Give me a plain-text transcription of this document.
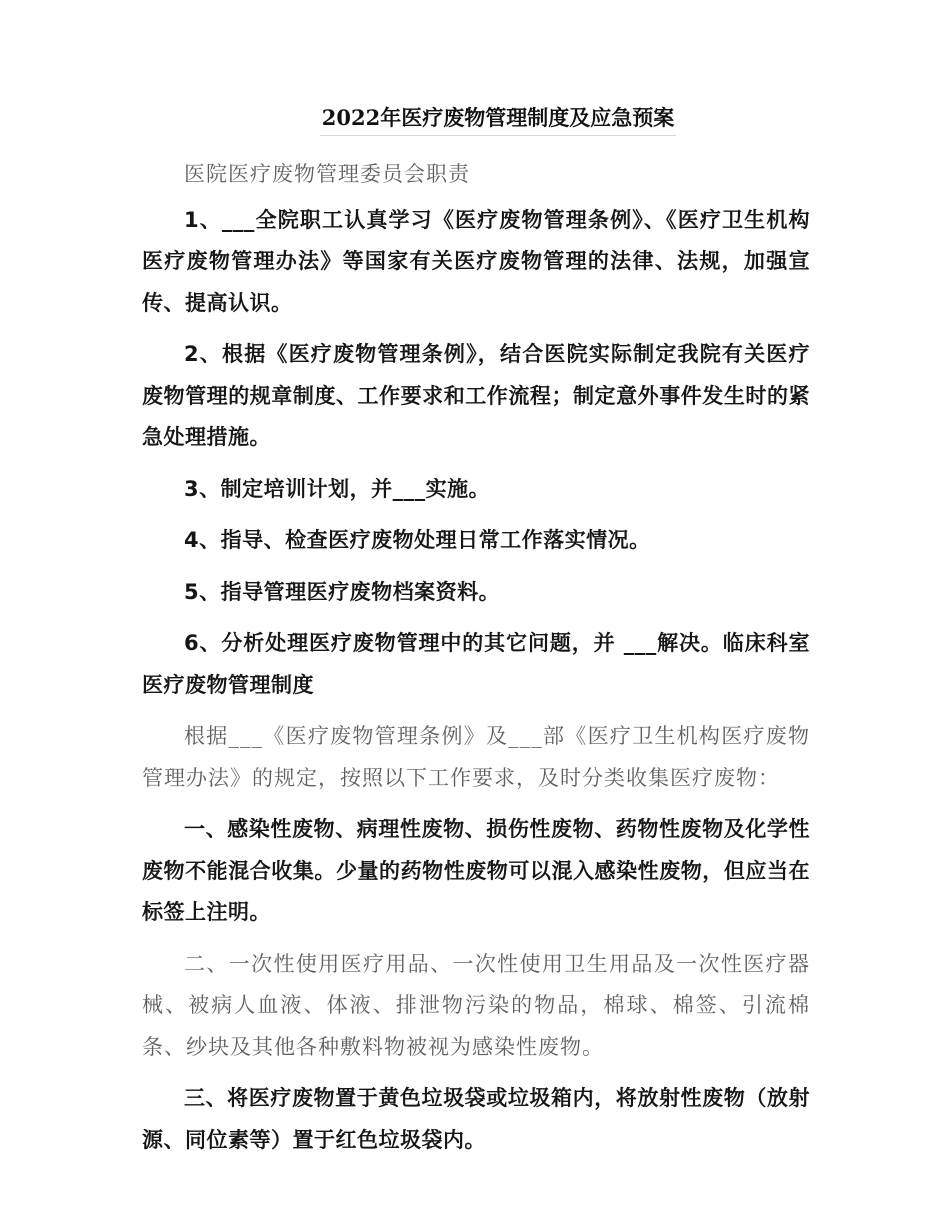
2022年医疗废物管理制度及应急预案

医院医疗废物管理委员会职责

1、___全院职工认真学习《医疗废物管理条例》、《医疗卫生机构医疗废物管理办法》等国家有关医疗废物管理的法律、法规，加强宣传、提高认识。

2、根据《医疗废物管理条例》，结合医院实际制定我院有关医疗废物管理的规章制度、工作要求和工作流程；制定意外事件发生时的紧急处理措施。

3、制定培训计划，并___实施。

4、指导、检查医疗废物处理日常工作落实情况。

5、指导管理医疗废物档案资料。

6、分析处理医疗废物管理中的其它问题，并 ___解决。临床科室医疗废物管理制度

根据___《医疗废物管理条例》及___部《医疗卫生机构医疗废物管理办法》的规定，按照以下工作要求，及时分类收集医疗废物：

一、感染性废物、病理性废物、损伤性废物、药物性废物及化学性废物不能混合收集。少量的药物性废物可以混入感染性废物，但应当在标签上注明。

二、一次性使用医疗用品、一次性使用卫生用品及一次性医疗器械、被病人血液、体液、排泄物污染的物品，棉球、棉签、引流棉条、纱块及其他各种敷料物被视为感染性废物。

三、将医疗废物置于黄色垃圾袋或垃圾箱内，将放射性废物（放射源、同位素等）置于红色垃圾袋内。
